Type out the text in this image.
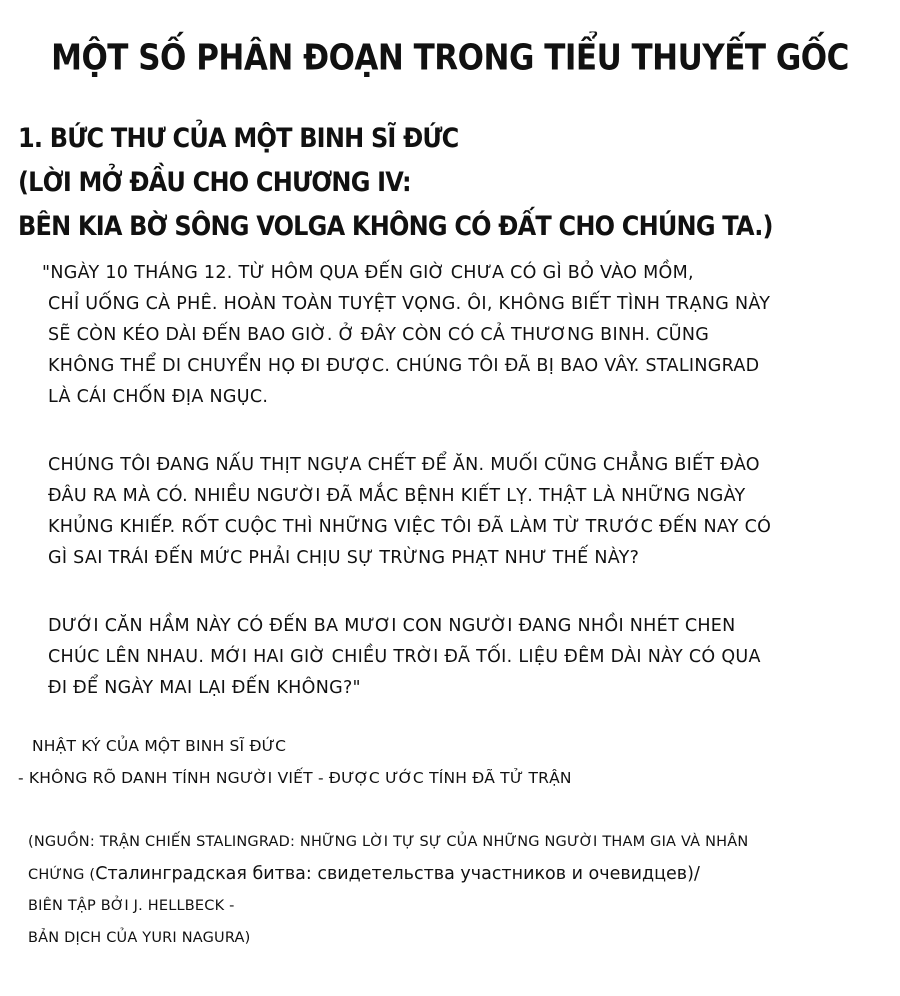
MỘT SỐ PHÂN ĐOẠN TRONG TIỂU THUYẾT GỐC
1. BỨC THƯ CỦA MỘT BINH SĨ ĐỨC
(LỜI MỞ ĐẦU CHO CHƯƠNG IV:
BÊN KIA BỜ SÔNG VOLGA KHÔNG CÓ ĐẤT CHO CHÚNG TA.)
"NGÀY 10 THÁNG 12. TỪ HÔM QUA ĐẾN GIỜ CHƯA CÓ GÌ BỎ VÀO MỒM,
CHỈ UỐNG CÀ PHÊ. HOÀN TOÀN TUYỆT VỌNG. ÔI, KHÔNG BIẾT TÌNH TRẠNG NÀY
SẼ CÒN KÉO DÀI ĐẾN BAO GIỜ. Ở ĐÂY CÒN CÓ CẢ THƯƠNG BINH. CŨNG
KHÔNG THỂ DI CHUYỂN HỌ ĐI ĐƯỢC. CHÚNG TÔI ĐÃ BỊ BAO VÂY. STALINGRAD
LÀ CÁI CHỐN ĐỊA NGỤC.
CHÚNG TÔI ĐANG NẤU THỊT NGỰA CHẾT ĐỂ ĂN. MUỐI CŨNG CHẲNG BIẾT ĐÀO
ĐÂU RA MÀ CÓ. NHIỀU NGƯỜI ĐÃ MẮC BỆNH KIẾT LỴ. THẬT LÀ NHỮNG NGÀY
KHỦNG KHIẾP. RỐT CUỘC THÌ NHỮNG VIỆC TÔI ĐÃ LÀM TỪ TRƯỚC ĐẾN NAY CÓ
GÌ SAI TRÁI ĐẾN MỨC PHẢI CHỊU SỰ TRỪNG PHẠT NHƯ THẾ NÀY?
DƯỚI CĂN HẦM NÀY CÓ ĐẾN BA MƯƠI CON NGƯỜI ĐANG NHỒI NHÉT CHEN
CHÚC LÊN NHAU. MỚI HAI GIỜ CHIỀU TRỜI ĐÃ TỐI. LIỆU ĐÊM DÀI NÀY CÓ QUA
ĐI ĐỂ NGÀY MAI LẠI ĐẾN KHÔNG?"
NHẬT KÝ CỦA MỘT BINH SĨ ĐỨC
- KHÔNG RÕ DANH TÍNH NGƯỜI VIẾT - ĐƯỢC ƯỚC TÍNH ĐÃ TỬ TRẬN
(NGUỒN: TRẬN CHIẾN STALINGRAD: NHỮNG LỜI TỰ SỰ CỦA NHỮNG NGƯỜI THAM GIA VÀ NHÂN
CHỨNG (Сталинградская битва: свидетельства участников и очевидцев)/
BIÊN TẬP BỞI J. HELLBECK -
BẢN DỊCH CỦA YURI NAGURA)
